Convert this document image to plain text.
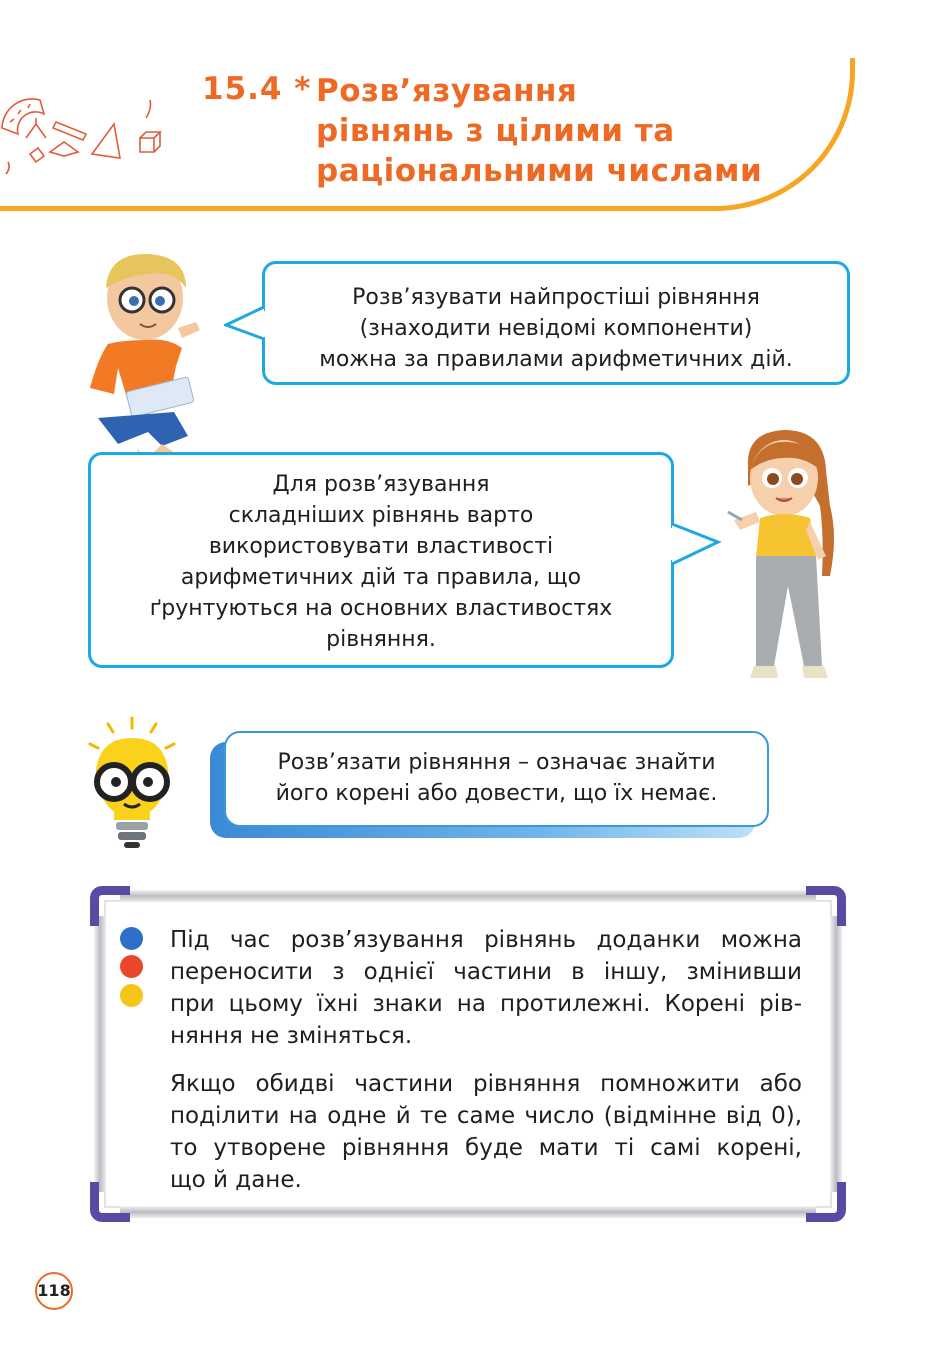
15.4 * Розв’язування
рівнянь з цілими та
раціональними числами
Розв’язувати найпростіші рівняння
(знаходити невідомі компоненти)
можна за правилами арифметичних дій.
Для розв’язування
складніших рівнянь варто
використовувати властивості
арифметичних дій та правила, що
ґрунтуються на основних властивостях
рівняння.
Розв’язати рівняння – означає знайти
його корені або довести, що їх немає.
Під час розв’язування рівнянь доданки можна
переносити з однієї частини в іншу, змінивши
при цьому їхні знаки на протилежні. Корені рів-
няння не зміняться.
Якщо обидві частини рівняння помножити або
поділити на одне й те саме число (відмінне від 0),
то утворене рівняння буде мати ті самі корені,
що й дане.
118
